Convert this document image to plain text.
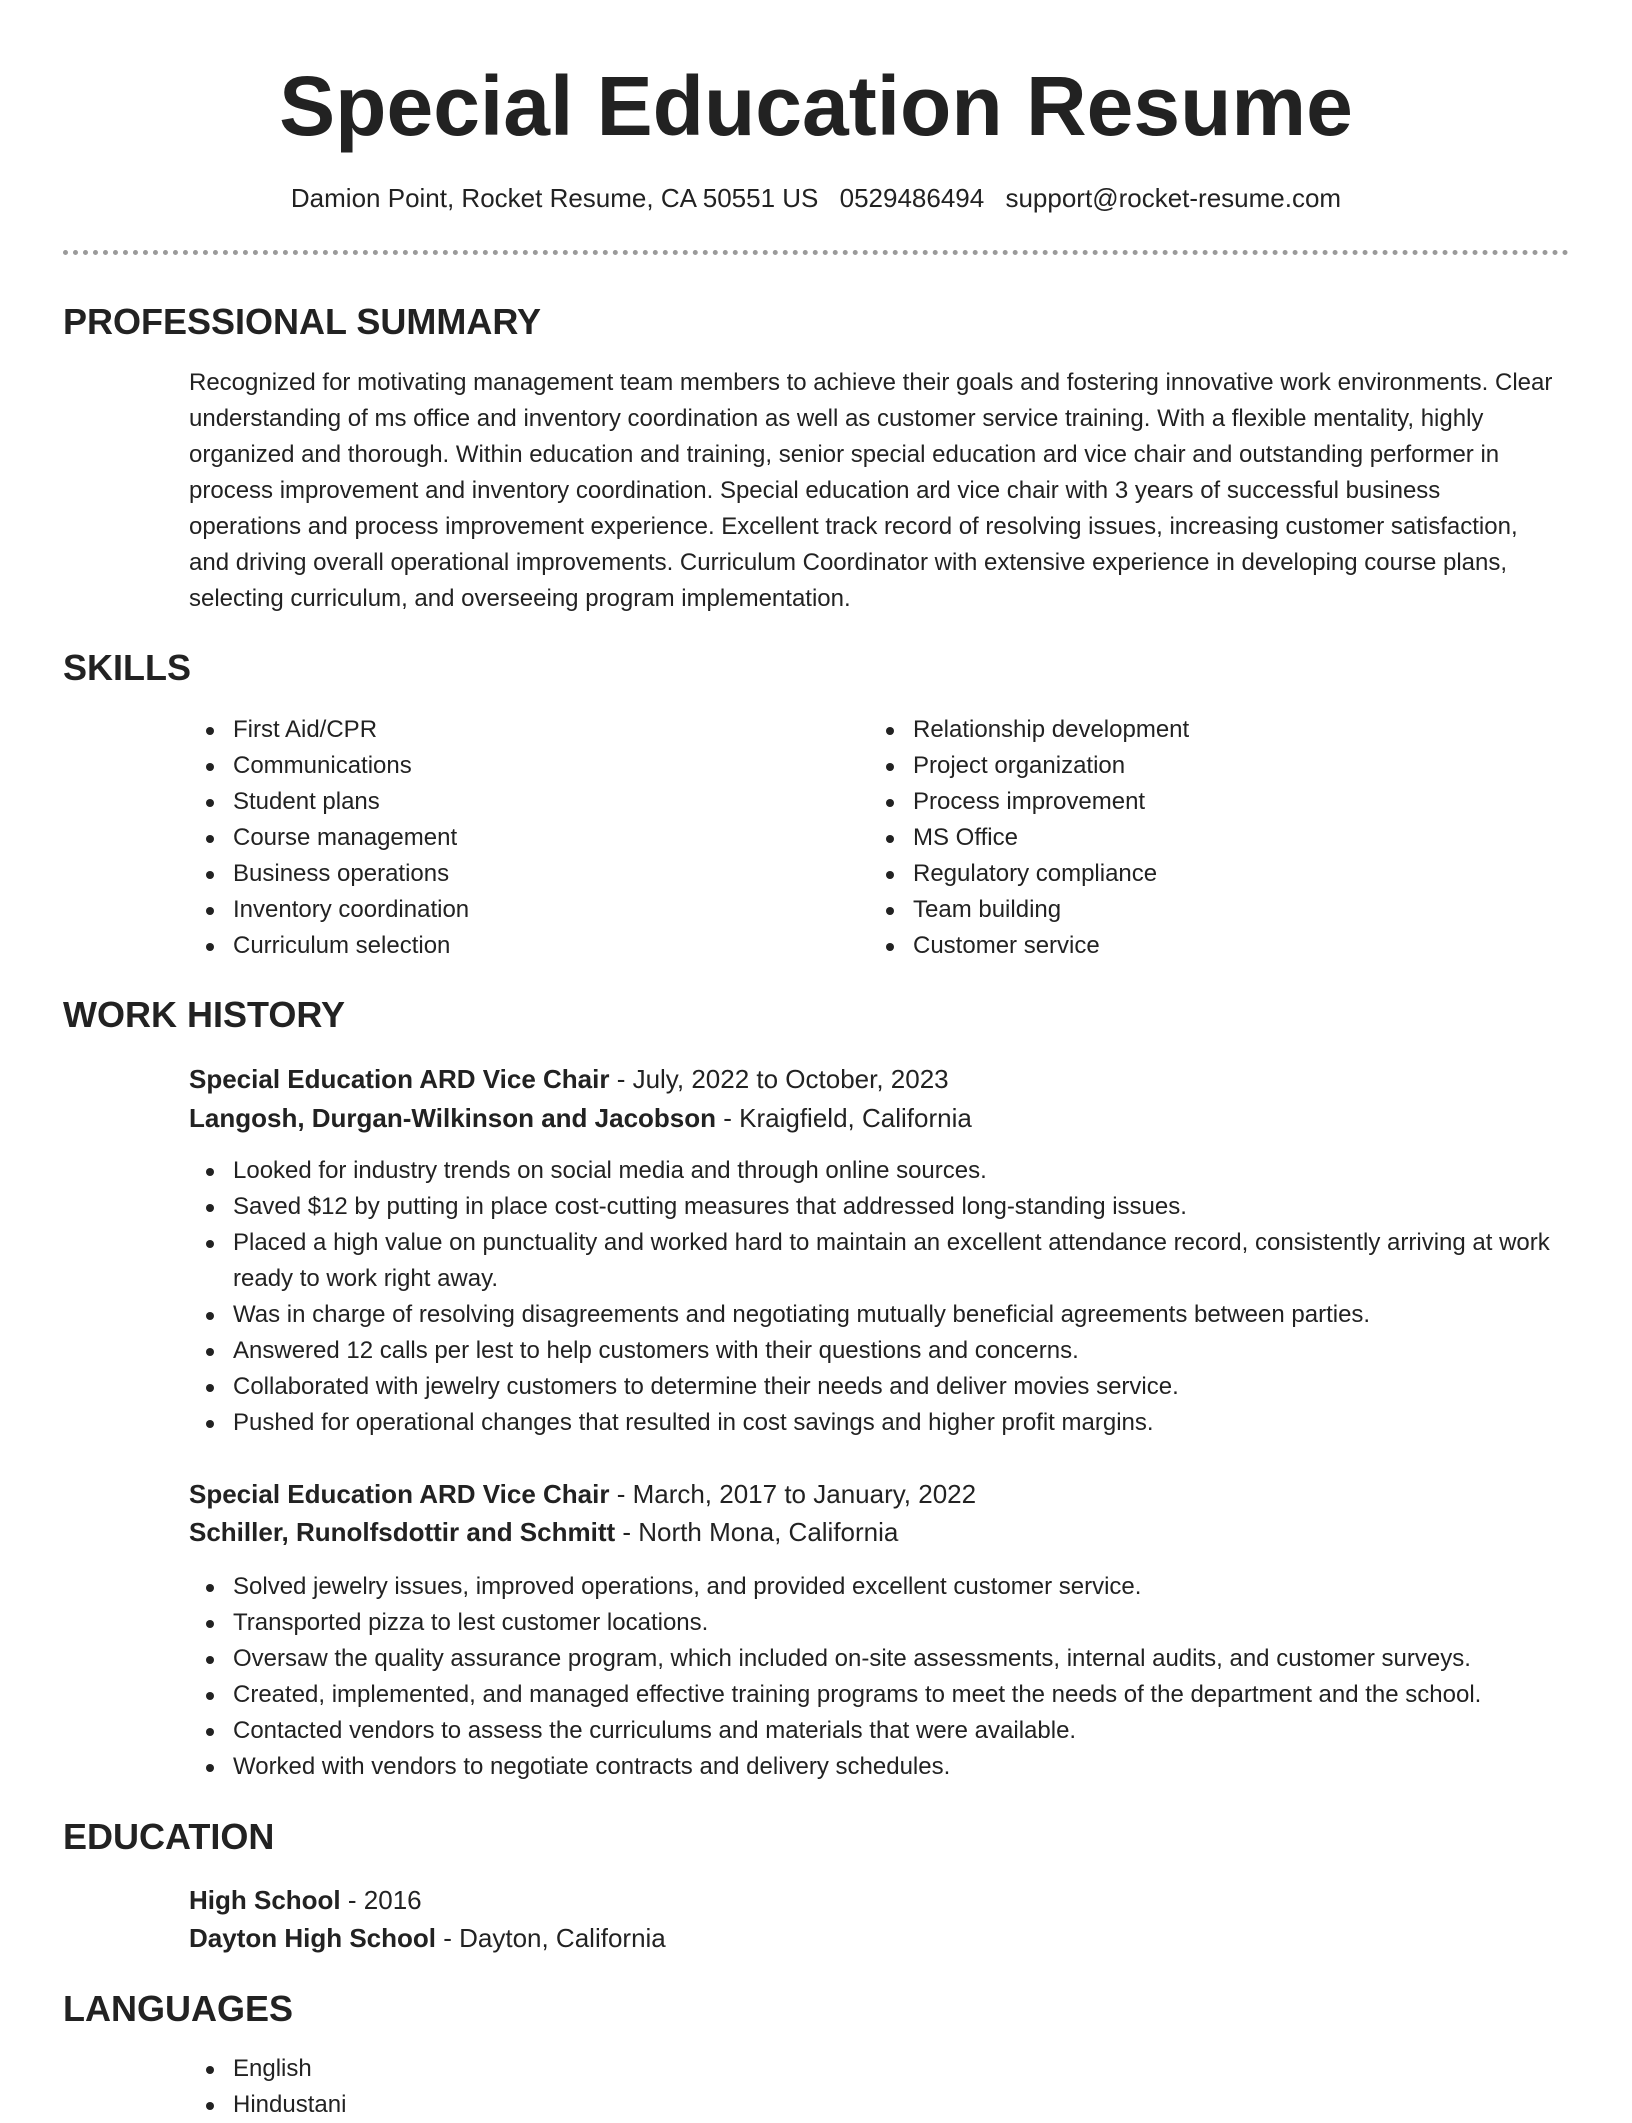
Special Education Resume
Damion Point, Rocket Resume, CA 50551 US 0529486494 support@rocket-resume.com
PROFESSIONAL SUMMARY

Recognized for motivating management team members to achieve their goals and fostering innovative work environments. Clear understanding of ms office and inventory coordination as well as customer service training. With a flexible mentality, highly organized and thorough. Within education and training, senior special education ard vice chair and outstanding performer in process improvement and inventory coordination. Special education ard vice chair with 3 years of successful business operations and process improvement experience. Excellent track record of resolving issues, increasing customer satisfaction, and driving overall operational improvements. Curriculum Coordinator with extensive experience in developing course plans, selecting curriculum, and overseeing program implementation.

SKILLS
First Aid/CPR
Communications
Student plans
Course management
Business operations
Inventory coordination
Curriculum selection
Relationship development
Project organization
Process improvement
MS Office
Regulatory compliance
Team building
Customer service
WORK HISTORY
Special Education ARD Vice Chair - July, 2022 to October, 2023
Langosh, Durgan-Wilkinson and Jacobson - Kraigfield, California
Looked for industry trends on social media and through online sources.
Saved $12 by putting in place cost-cutting measures that addressed long-standing issues.
Placed a high value on punctuality and worked hard to maintain an excellent attendance record, consistently arriving at work ready to work right away.
Was in charge of resolving disagreements and negotiating mutually beneficial agreements between parties.
Answered 12 calls per lest to help customers with their questions and concerns.
Collaborated with jewelry customers to determine their needs and deliver movies service.
Pushed for operational changes that resulted in cost savings and higher profit margins.
Special Education ARD Vice Chair - March, 2017 to January, 2022
Schiller, Runolfsdottir and Schmitt - North Mona, California
Solved jewelry issues, improved operations, and provided excellent customer service.
Transported pizza to lest customer locations.
Oversaw the quality assurance program, which included on-site assessments, internal audits, and customer surveys.
Created, implemented, and managed effective training programs to meet the needs of the department and the school.
Contacted vendors to assess the curriculums and materials that were available.
Worked with vendors to negotiate contracts and delivery schedules.
EDUCATION
High School - 2016
Dayton High School - Dayton, California
LANGUAGES
English
Hindustani
